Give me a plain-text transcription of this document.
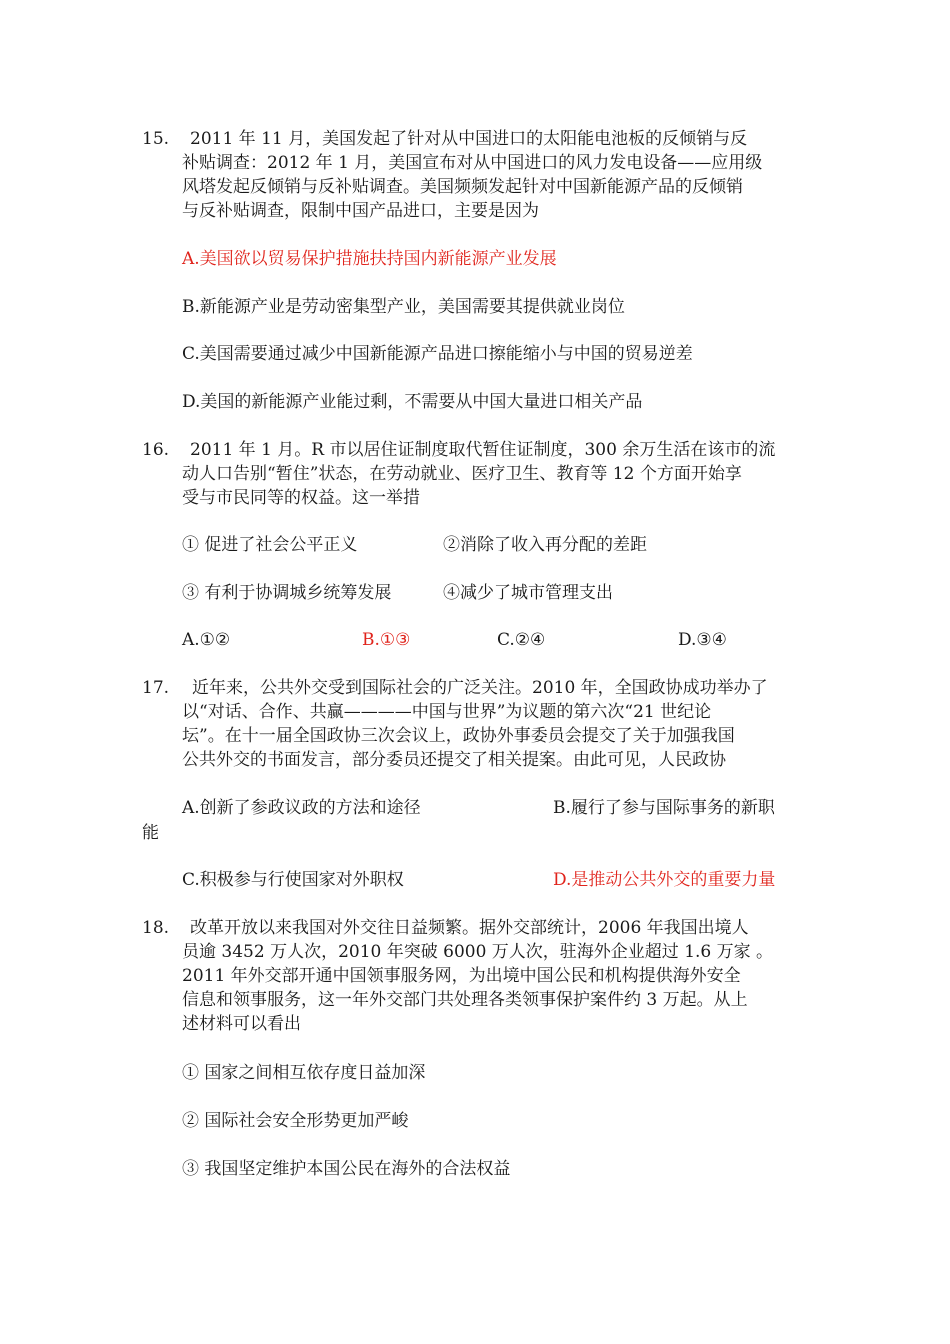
15. 2011 年 11 月，美国发起了针对从中国进口的太阳能电池板的反倾销与反
补贴调查：2012 年 1 月，美国宣布对从中国进口的风力发电设备——应用级
风塔发起反倾销与反补贴调查。美国频频发起针对中国新能源产品的反倾销
与反补贴调查，限制中国产品进口，主要是因为
A.美国欲以贸易保护措施扶持国内新能源产业发展
B.新能源产业是劳动密集型产业，美国需要其提供就业岗位
C.美国需要通过减少中国新能源产品进口擦能缩小与中国的贸易逆差
D.美国的新能源产业能过剩，不需要从中国大量进口相关产品
16. 2011 年 1 月。R 市以居住证制度取代暂住证制度，300 余万生活在该市的流
动人口告别“暂住”状态，在劳动就业、医疗卫生、教育等 12 个方面开始享
受与市民同等的权益。这一举措
① 促进了社会公平正义	②消除了收入再分配的差距
③ 有利于协调城乡统筹发展	④减少了城市管理支出
A.①②	B.①③	C.②④	D.③④
17. 近年来，公共外交受到国际社会的广泛关注。2010 年，全国政协成功举办了
以“对话、合作、共赢————中国与世界”为议题的第六次“21 世纪论
坛”。在十一届全国政协三次会议上，政协外事委员会提交了关于加强我国
公共外交的书面发言，部分委员还提交了相关提案。由此可见，人民政协
A.创新了参政议政的方法和途径	B.履行了参与国际事务的新职
能
C.积极参与行使国家对外职权	D.是推动公共外交的重要力量
18. 改革开放以来我国对外交往日益频繁。据外交部统计，2006 年我国出境人
员逾 3452 万人次，2010 年突破 6000 万人次，驻海外企业超过 1.6 万家 。
2011 年外交部开通中国领事服务网，为出境中国公民和机构提供海外安全
信息和领事服务，这一年外交部门共处理各类领事保护案件约 3 万起。从上
述材料可以看出
① 国家之间相互依存度日益加深
② 国际社会安全形势更加严峻
③ 我国坚定维护本国公民在海外的合法权益
